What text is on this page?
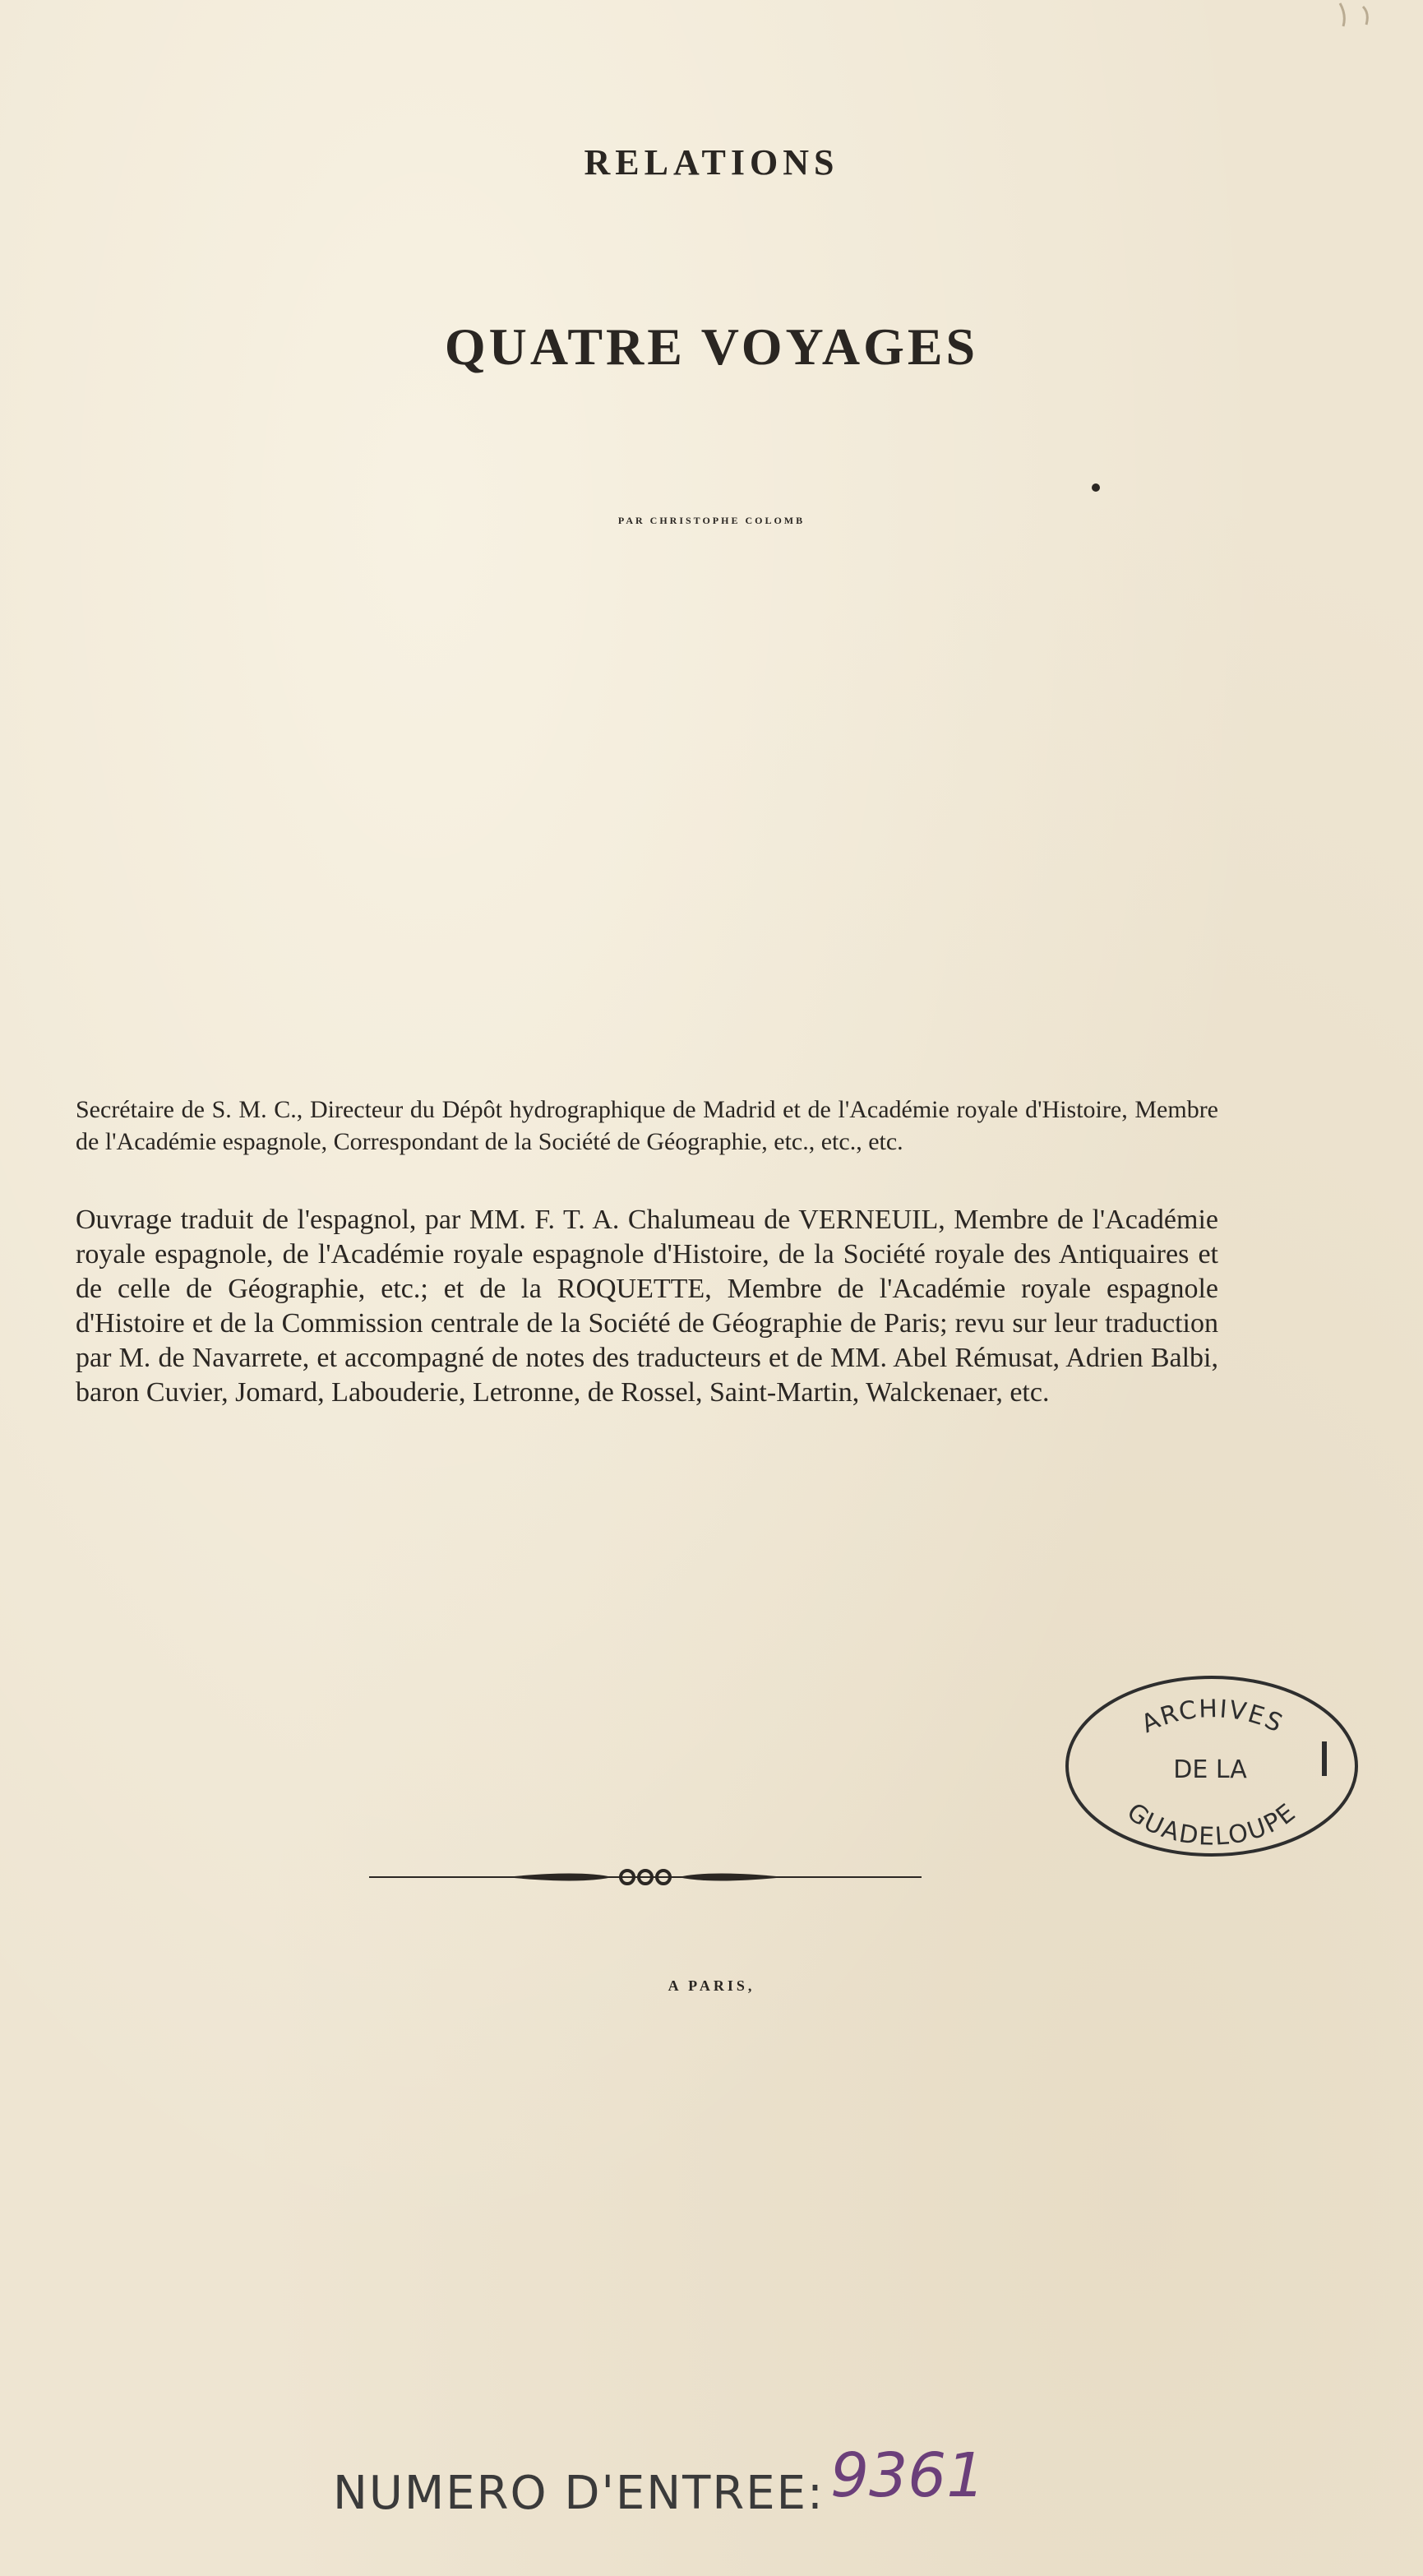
RELATIONS
QUATRE VOYAGES
PAR CHRISTOPHE COLOMB
Secrétaire de S. M. C., Directeur du Dépôt hydrographique de Madrid et de l'Académie royale d'Histoire, Membre de l'Académie espagnole, Correspondant de la Société de Géographie, etc., etc., etc.
Ouvrage traduit de l'espagnol, par MM. F. T. A. Chalumeau de VERNEUIL, Membre de l'Académie royale espagnole, de l'Académie royale espagnole d'Histoire, de la Société royale des Antiquaires et de celle de Géographie, etc.; et de la ROQUETTE, Membre de l'Académie royale espagnole d'Histoire et de la Commission centrale de la Société de Géographie de Paris; revu sur leur traduction par M. de Navarrete, et accompagné de notes des traducteurs et de MM. Abel Rémusat, Adrien Balbi, baron Cuvier, Jomard, Labouderie, Letronne, de Rossel, Saint-Martin, Walckenaer, etc.
ARCHIVES
DE LA
GUADELOUPE
A PARIS,
NUMERO D'ENTREE: 9361
